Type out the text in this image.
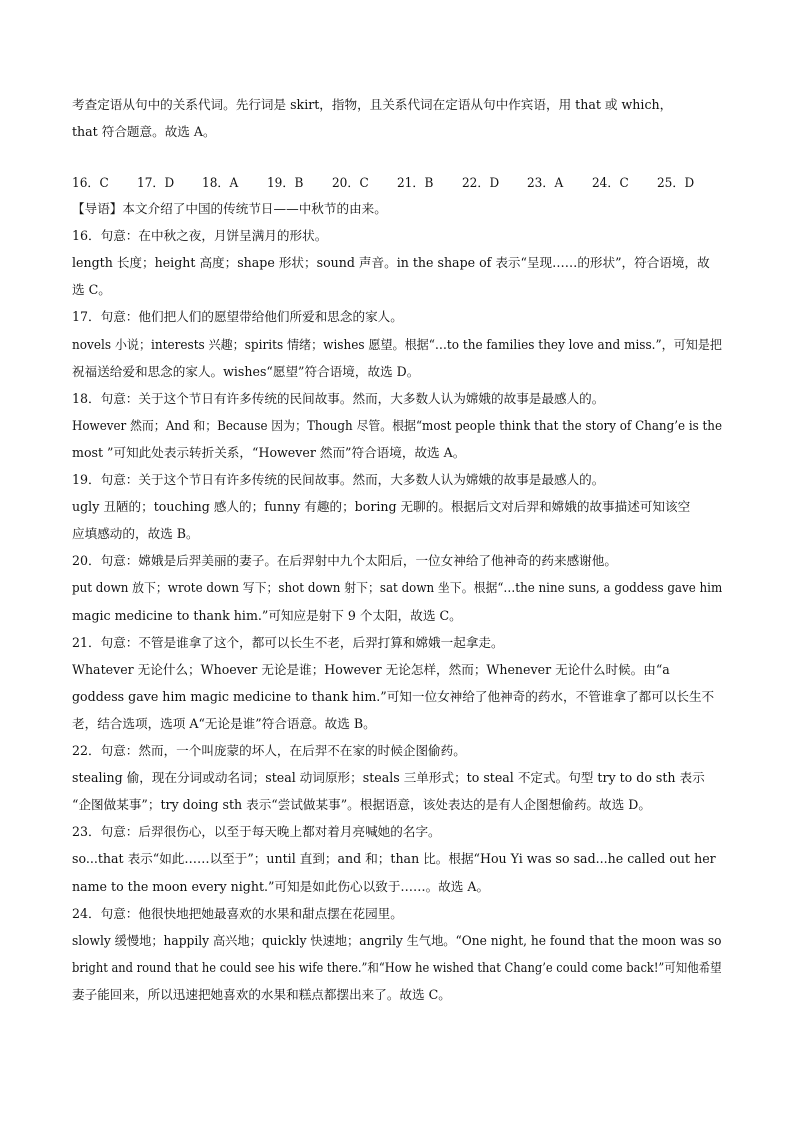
考查定语从句中的关系代词。先行词是 skirt，指物，且关系代词在定语从句中作宾语，用 that 或 which，
that 符合题意。故选 A。
16．C 17．D 18．A 19．B 20．C 21．B 22．D 23．A 24．C 25．D
【导语】本文介绍了中国的传统节日——中秋节的由来。
16．句意：在中秋之夜，月饼呈满月的形状。
length 长度；height 高度；shape 形状；sound 声音。in the shape of 表示“呈现……的形状”，符合语境，故
选 C。
17．句意：他们把人们的愿望带给他们所爱和思念的家人。
novels 小说；interests 兴趣；spirits 情绪；wishes 愿望。根据“…to the families they love and miss.”，可知是把
祝福送给爱和思念的家人。wishes“愿望”符合语境，故选 D。
18．句意：关于这个节日有许多传统的民间故事。然而，大多数人认为嫦娥的故事是最感人的。
However 然而；And 和；Because 因为；Though 尽管。根据“most people think that the story of Chang’e is the
most ”可知此处表示转折关系，“However 然而”符合语境，故选 A。
19．句意：关于这个节日有许多传统的民间故事。然而，大多数人认为嫦娥的故事是最感人的。
ugly 丑陋的；touching 感人的；funny 有趣的；boring 无聊的。根据后文对后羿和嫦娥的故事描述可知该空
应填感动的，故选 B。
20．句意：嫦娥是后羿美丽的妻子。在后羿射中九个太阳后，一位女神给了他神奇的药来感谢他。
put down 放下；wrote down 写下；shot down 射下；sat down 坐下。根据“…the nine suns, a goddess gave him
magic medicine to thank him.”可知应是射下 9 个太阳，故选 C。
21．句意：不管是谁拿了这个，都可以长生不老，后羿打算和嫦娥一起拿走。
Whatever 无论什么；Whoever 无论是谁；However 无论怎样，然而；Whenever 无论什么时候。由“a
goddess gave him magic medicine to thank him.”可知一位女神给了他神奇的药水，不管谁拿了都可以长生不
老，结合选项，选项 A“无论是谁”符合语意。故选 B。
22．句意：然而，一个叫庞蒙的坏人，在后羿不在家的时候企图偷药。
stealing 偷，现在分词或动名词；steal 动词原形；steals 三单形式；to steal 不定式。句型 try to do sth 表示
“企图做某事”；try doing sth 表示“尝试做某事”。根据语意，该处表达的是有人企图想偷药。故选 D。
23．句意：后羿很伤心，以至于每天晚上都对着月亮喊她的名字。
so...that 表示“如此……以至于”；until 直到；and 和；than 比。根据“Hou Yi was so sad...he called out her
name to the moon every night.”可知是如此伤心以致于……。故选 A。
24．句意：他很快地把她最喜欢的水果和甜点摆在花园里。
slowly 缓慢地；happily 高兴地；quickly 快速地；angrily 生气地。“One night, he found that the moon was so
bright and round that he could see his wife there.”和“How he wished that Chang’e could come back!”可知他希望
妻子能回来，所以迅速把她喜欢的水果和糕点都摆出来了。故选 C。
